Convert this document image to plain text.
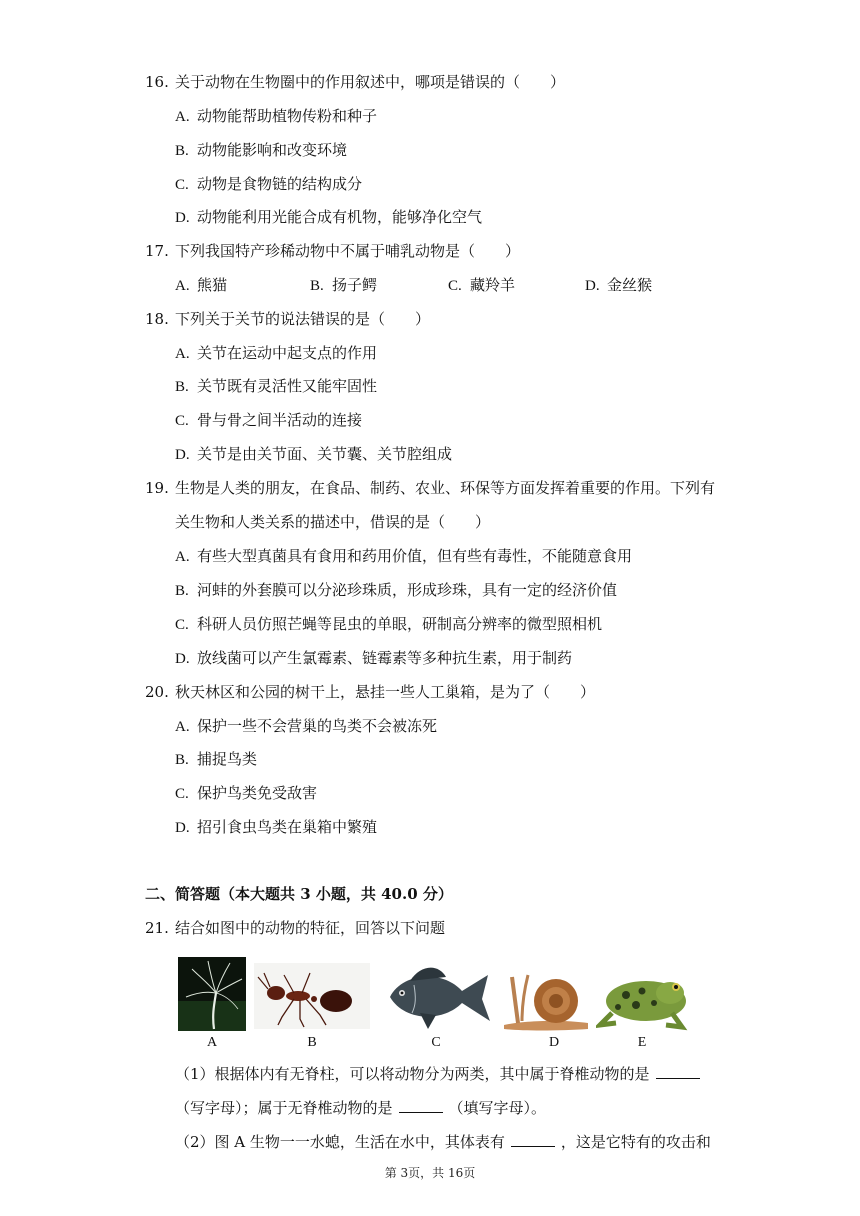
16. 关于动物在生物圈中的作用叙述中，哪项是错误的（　　）
A. 动物能帮助植物传粉和种子
B. 动物能影响和改变环境
C. 动物是食物链的结构成分
D. 动物能利用光能合成有机物，能够净化空气
17. 下列我国特产珍稀动物中不属于哺乳动物是（　　）
A. 熊猫	B. 扬子鳄	C. 藏羚羊	D. 金丝猴
18. 下列关于关节的说法错误的是（　　）
A. 关节在运动中起支点的作用
B. 关节既有灵活性又能牢固性
C. 骨与骨之间半活动的连接
D. 关节是由关节面、关节囊、关节腔组成
19. 生物是人类的朋友，在食品、制药、农业、环保等方面发挥着重要的作用。下列有
关生物和人类关系的描述中，借误的是（　　）
A. 有些大型真菌具有食用和药用价值，但有些有毒性，不能随意食用
B. 河蚌的外套膜可以分泌珍珠质，形成珍珠，具有一定的经济价值
C. 科研人员仿照芒蝇等昆虫的单眼，研制高分辨率的微型照相机
D. 放线菌可以产生氯霉素、链霉素等多种抗生素，用于制药
20. 秋天林区和公园的树干上，悬挂一些人工巢箱，是为了（　　）
A. 保护一些不会营巢的鸟类不会被冻死
B. 捕捉鸟类
C. 保护鸟类免受敌害
D. 招引食虫鸟类在巢箱中繁殖
二、简答题（本大题共 3 小题，共 40.0 分）
21. 结合如图中的动物的特征，回答以下问题
A	B	C	D	E
（1）根据体内有无脊柱，可以将动物分为两类，其中属于脊椎动物的是
（写字母）；属于无脊椎动物的是	（填写字母）。
（2）图 A 生物一一水螅，生活在水中，其体表有	，这是它特有的攻击和
第 3页，共 16页
